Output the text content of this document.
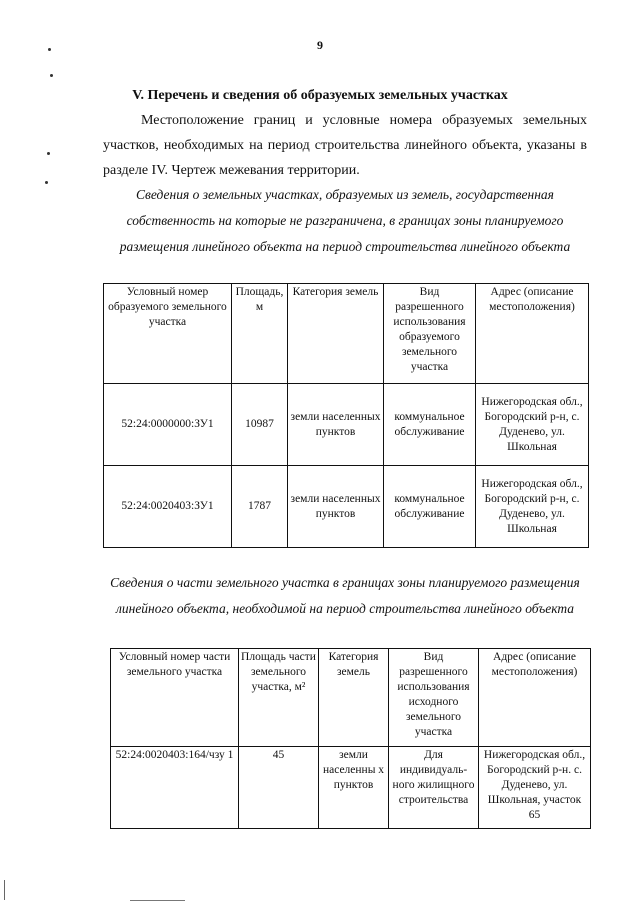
9
V. Перечень и сведения об образуемых земельных участках
Местоположение границ и условные номера образуемых земельных участков, необходимых на период строительства линейного объекта, указаны в разделе IV. Чертеж межевания территории.
Сведения о земельных участках, образуемых из земель, государственная собственность на которые не разграничена, в границах зоны планируемого размещения линейного объекта на период строительства линейного объекта
Условный номер образуемого земельного участка	Площадь, м	Категория земель	Вид разрешенного использования образуемого земельного участка	Адрес (описание местоположения)
52:24:0000000:ЗУ1	10987	земли населенных пунктов	коммунальное обслуживание	Нижегородская обл., Богородский р-н, с. Дуденево, ул. Школьная
52:24:0020403:ЗУ1	1787	земли населенных пунктов	коммунальное обслуживание	Нижегородская обл., Богородский р-н, с. Дуденево, ул. Школьная
Сведения о части земельного участка в границах зоны планируемого размещения линейного объекта, необходимой на период строительства линейного объекта
Условный номер части земельного участка	Площадь части земельного участка, м²	Категория земель	Вид разрешенного использования исходного земельного участка	Адрес (описание местоположения)
52:24:0020403:164/чзу 1	45	земли населенны х пунктов	Для индивидуаль- ного жилищного строительства	Нижегородская обл., Богородский р-н. с. Дуденево, ул. Школьная, участок 65
